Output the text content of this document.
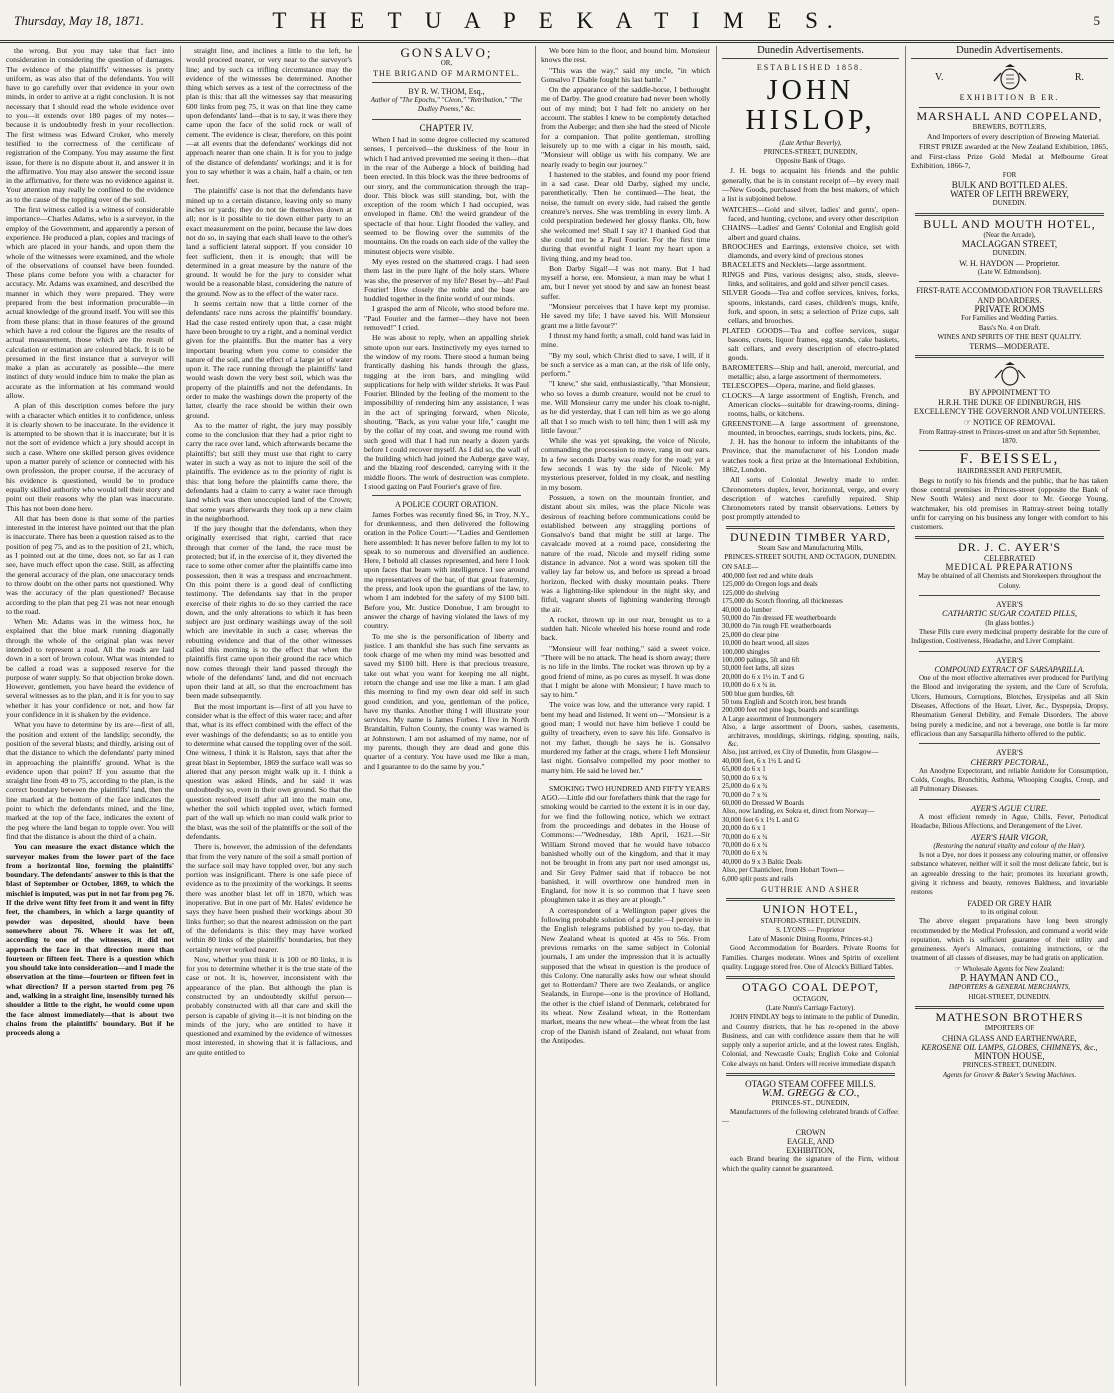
Thursday, May 18, 1871.	T H E T U A P E K A T I M E S.	5

the wrong. But you may take that fact into consideration in considering the question of damages. The evidence of the plaintiffs' witnesses is pretty uniform, as was also that of the defendants. You will have to go carefully over that evidence in your own minds, in order to arrive at a right conclusion. It is not necessary that I should read the whole evidence over to you—it extends over 180 pages of my notes—because it is undoubtedly fresh in your recollection. The first witness was Edward Croker, who merely testified to the correctness of the certificate of registration of the Company. You may assume the first issue, for there is no dispute about it, and answer it in the affirmative. You may also answer the second issue in the affirmative, for there was no evidence against it. Your attention may really be confined to the evidence as to the cause of the toppling over of the soil.

The first witness called is a witness of considerable importance—Charles Adams, who is a surveyor, in the employ of the Government, and apparently a person of experience. He produced a plan, copies and tracings of which are placed in your hands, and upon them the whole of the witnesses were examined, and the whole of the observations of counsel have been founded. These plans come before you with a character for accuracy. Mr. Adams was examined, and described the manner in which they were prepared. They were prepared from the best information procurable—in actual knowledge of the ground itself. You will see this from these plans: that in those features of the ground which have a red colour the figures are the results of actual measurement, those which are the result of calculation or estimation are coloured black. It is to be presumed in the first instance that a surveyor will make a plan as accurately as possible—the mere instinct of duty would induce him to make the plan as accurate as the information at his command would allow.

A plan of this description comes before the jury with a character which entitles it to confidence, unless it is clearly shown to be inaccurate. In the evidence it is attempted to be shown that it is inaccurate; but it is not the sort of evidence which a jury should accept in such a case. Where one skilled person gives evidence upon a matter purely of science or connected with his own profession, the proper course, if the accuracy of his evidence is questioned, would be to produce equally skilled authority who would tell their story and point out their reasons why the plan was inaccurate. This has not been done here.

All that has been done is that some of the parties interested in the interest have pointed out that the plan is inaccurate. There has been a question raised as to the position of peg 75, and as to the position of 21, which, as I pointed out at the time, does not, so far as I can see, have much effect upon the case. Still, as affecting the general accuracy of the plan, one unaccuracy tends to throw doubt on the other parts not questioned. Why was the accuracy of the plan questioned? Because according to the plan that peg 21 was not near enough to the road.

When Mr. Adams was in the witness box, he explained that the blue mark running diagonally through the whole of the original plan was never intended to represent a road. All the roads are laid down in a sort of brown colour. What was intended to be called a road was a supposed reserve for the purpose of water supply. So that objection broke down. However, gentlemen, you have heard the evidence of several witnesses as to the plan, and it is for you to say whether it has your confidence or not, and how far your confidence in it is shaken by the evidence.

What you have to determine by its are—first of all, the position and extent of the landslip; secondly, the position of the several blasts; and thirdly, arising out of that the distance to which the defendants' party mined in approaching the plaintiffs' ground. What is the evidence upon that point? If you assume that the straight line from 49 to 75, according to the plan, is the correct boundary between the plaintiffs' land, then the line marked at the bottom of the face indicates the point to which the defendants mined, and the line, marked at the top of the face, indicates the extent of the peg where the land began to topple over. You will find that the distance is about the third of a chain.

You can measure the exact distance which the surveyor makes from the lower part of the face from a horizontal line, forming the plaintiffs' boundary. The defendants' answer to this is that the blast of September or October, 1869, to which the mischief is imputed, was put in not far from peg 76. If the drive went fifty feet from it and went in fifty feet, the chambers, in which a large quantity of powder was deposited, should have been somewhere about 76. Where it was let off, according to one of the witnesses, it did not approach the face in that direction more than fourteen or fifteen feet. There is a question which you should take into consideration—and I made the observation at the time—fourteen or fifteen feet in what direction? If a person started from peg 76 and, walking in a straight line, insensibly turned his shoulder a little to the right, he would come upon the face almost immediately—that is about two chains from the plaintiffs' boundary. But if he proceeds along a

straight line, and inclines a little to the left, he would proceed nearer, or very near to the surveyor's line; and by such ca trifling circumstance may the evidence of the witnesses be determined. Another thing which serves as a test of the correctness of the plan is this: that all the witnesses say that measuring 600 links from peg 75, it was on that line they came upon defendants' land—that is to say, it was there they came upon the face of the solid rock or wall of cement. The evidence is clear, therefore, on this point—at all events that the defendants' workings did not approach nearer than one chain. It is for you to judge of the distance of defendants' workings; and it is for you to say whether it was a chain, half a chain, or ten feet.

The plaintiffs' case is not that the defendants have mined up to a certain distance, leaving only so many inches or yards; they do not tie themselves down at all; nor is it possible to tie down either party to an exact measurement on the point, because the law does not do so, in saying that each shall leave to the other's land a sufficient lateral support. If you consider 10 feet sufficient, then it is enough; that will be determined in a great measure by the nature of the ground. It would be for the jury to consider what would be a reasonable blast, considering the nature of the ground. Now as to the effect of the water race.

It seems certain now that a little corner of the defendants' race runs across the plaintiffs' boundary. Had the case rested entirely upon that, a case might have been brought to try a right, and a nominal verdict given for the plaintiffs. But the matter has a very important bearing when you come to consider the nature of the soil, and the effect of a large jet of water upon it. The race running through the plaintiffs' land would wash down the very best soil, which was the property of the plaintiffs and not the defendants. In order to make the washings down the property of the latter, clearly the race should be within their own ground.

As to the matter of right, the jury may possibly come to the conclusion that they had a prior right to carry the race over land, which afterwards became the plaintiffs'; but still they must use that right to carry water in such a way as not to injure the soil of the plaintiffs. The evidence as to the priority of right is this: that long before the plaintiffs came there, the defendants had a claim to carry a water race through land which was then unoccupied land of the Crown; that some years afterwards they took up a new claim in the neighborhood.

If the jury thought that the defendants, when they originally exercised that right, carried that race through that corner of the land, the race must be protected; but if, in the exercise of it, they diverted the race to some other corner after the plaintiffs came into possession, then it was a trespass and encroachment. On this point there is a good deal of conflicting testimony. The defendants say that in the proper exercise of their rights to do so they carried the race down, and the only alterations to which it has been subject are just ordinary washings away of the soil which are inevitable in such a case; whereas the rebutting evidence and that of the other witnesses called this morning is to the effect that when the plaintiffs first came upon their ground the race which now comes through their land passed through the whole of the defendants' land, and did not encroach upon their land at all, so that the encroachment has been made subsequently.

But the most important is—first of all you have to consider what is the effect of this water race; and after that, what is its effect combined with the effect of the ever washings of the defendants; so as to entitle you to determine what caused the toppling over of the soil. One witness, I think it is Ralston, says that after the great blast in September, 1869 the surface wall was so altered that any person might walk up it. I think a question was asked Hinds, and he said it was undoubtedly so, even in their own ground. So that the question resolved itself after all into the main one, whether the soil which toppled over, which formed part of the wall up which no man could walk prior to the blast, was the soil of the plaintiffs or the soil of the defendants.

There is, however, the admission of the defendants that from the very nature of the soil a small portion of the surface soil may have toppled over, but any such portion was insignificant. There is one safe piece of evidence as to the proximity of the workings. It seems there was another blast let off in 1870, which was inoperative. But in one part of Mr. Hales' evidence he says they have been pushed their workings about 30 links further; so that the nearest admission on the part of the defendants is this: they may have worked within 80 links of the plaintiffs' boundaries, but they certainly never worked nearer.

Now, whether you think it is 100 or 80 links, it is for you to determine whether it is the true state of the case or not. It is, however, inconsistent with the appearance of the plan. But although the plan is constructed by an undoubtedly skilful person—probably constructed with all that care and skill the person is capable of giving it—it is not binding on the minds of the jury, who are entitled to have it questioned and examined by the evidence of witnesses most interested, in showing that it is fallacious, and are quite entitled to

GONSALVO;
OR,
THE BRIGAND OF MARMONTEL.
BY R. W. THOM, Esq.,
Author of "The Epochs," "Cleon," "Retribution," "The Dudley Poems," &c.
CHAPTER IV.

When I had in some degree collected my scattered senses, I perceived—the duskiness of the hour in which I had arrived prevented me seeing it then—that in the rear of the Auberge a block of building had been erected. In this block was the three bedrooms of our story, and the communication through the trap-door. This block was still standing, but, with the exception of the room which I had occupied, was enveloped in flame. Oh! the weird grandeur of the spectacle of that hour. Light flooded the valley, and seemed to be flowing over the summits of the mountains. On the roads on each side of the valley the minutest objects were visible.

My eyes rested on the shattered crags. I had seen them last in the pure light of the holy stars. Where was she, the preserver of my life? Beset by—ah! Paul Fourier! How closely the noble and the base are huddled together in the finite world of our minds.

I grasped the arm of Nicole, who stood before me. "Paul Fourier and the farmer—they have not been removed!" I cried.

He was about to reply, when an appalling shriek smote upon our ears. Instinctively my eyes turned to the window of my room. There stood a human being frantically dashing his hands through the glass, tugging at the iron bars, and mingling wild supplications for help with wilder shrieks. It was Paul Fourier. Blinded by the feeling of the moment to the impossibility of rendering him any assistance, I was in the act of springing forward, when Nicole, shouting, "Back, as you value your life," caught me by the collar of my coat, and swung me round with such good will that I had run nearly a dozen yards before I could recover myself. As I did so, the wall of the building which had joined the Auberge gave way, and the blazing roof descended, carrying with it the middle floors. The work of destruction was complete. I stood gazing on Paul Fourier's grave of fire.

A POLICE COURT ORATION.

James Forbes was recently fined $6, in Troy, N.Y., for drunkenness, and then delivered the following oration in the Police Court:—"Ladies and Gentlemen here assembled: It has never before fallen to my lot to speak to so numerous and diversified an audience. Here, I behold all classes represented, and here I look upon faces that beam with intelligence. I see around me representatives of the bar, of that great fraternity, the press, and look upon the guardians of the law, to whom I am indebted for the safety of my $100 bill. Before you, Mr. Justice Donohue, I am brought to answer the charge of having violated the laws of my country.

To me she is the personification of liberty and justice. I am thankful she has such fine servants as took charge of me when my mind was besotted and saved my $100 bill. Here is that precious treasure, take out what you want for keeping me all night, return the change and use me like a man. I am glad this morning to find my own dear old self in such good condition, and you, gentleman of the police, have my thanks. Another thing I will illustrate your services. My name is James Forbes. I live in North Brandaltin, Fulton County, the county was warned is at Johnstown. I am not ashamed of my name, nor of my parents, though they are dead and gone this quarter of a century. You have used me like a man, and I guarantee to do the same by you."

We bore him to the floor, and bound him. Monsieur knows the rest.

"This was the way," said my uncle, "in which Gonsalvo l' Diable fought his last battle."

On the appearance of the saddle-horse, I bethought me of Darby. The good creature had never been wholly out of my mind; but I had felt no anxiety on her account. The stables I knew to be completely detached from the Auberge; and then she had the steed of Nicole for a companion. That polite gentleman, strolling leisurely up to me with a cigar in his mouth, said, "Monsieur will oblige us with his company. We are nearly ready to begin our journey."

I hastened to the stables, and found my poor friend in a sad case. Dear old Darby, sighed my uncle, parenthetically. Then he continued—The heat, the noise, the tumult on every side, had raised the gentle creature's nerves. She was trembling in every limb. A cold perspiration bedewed her glossy flanks. Oh, how she welcomed me! Shall I say it? I thanked God that she could not be a Paul Fourier. For the first time during that eventful night I leant my heart upon a living thing, and my head too.

Bon Darby Sigal!—I was not many. But I had myself a horse, ere. Monsieur, a man may be what I am, but I never yet stood by and saw an honest beast suffer.

"Monsieur perceives that I have kept my promise. He saved my life; I have saved his. Will Monsieur grant me a little favour?"

I thrust my hand forth; a small, cold hand was laid in mine.

"By my soul, which Christ died to save, I will, if it be such a service as a man can, at the risk of life only, perform."

"I knew," she said, enthusiastically, "that Monsieur, who so loves a dumb creature, would not be cruel to me. Will Monsieur carry me under his cloak to-night, as he did yesterday, that I can tell him as we go along all that I so much wish to tell him; then I will ask my little favour."

While she was yet speaking, the voice of Nicole, commanding the procession to move, rang in our ears. In a few seconds Darby was ready for the road; yet a few seconds I was by the side of Nicole. My mysterious preserver, folded in my cloak, and nestling in my bosom.

Possuen, a town on the mountain frontier, and distant about six miles, was the place Nicole was desirous of reaching before communications could be established between any straggling portions of Gonsalvo's band that might be still at large. The cavalcade moved at a round pace, considering the nature of the road, Nicole and myself riding some distance in advance. Not a word was spoken till the valley lay far below us, and before us spread a broad horizon, flecked with dusky mountain peaks. There was a lightning-like splendour in the night sky, and fitful, vagrant sheets of lightning wandering through the air.

A rocket, thrown up in our rear, brought us to a sudden halt. Nicole wheeled his horse round and rode back.

"Monsieur will fear nothing," said a sweet voice. "There will be no attack. The head is shorn away; there is no life in the limbs. The rocket was thrown up by a good friend of mine, as po cures as myself. It was done that I might be alone with Monsieur; I have much to say to him."

The voice was low, and the utterance very rapid. I bent my head and listened. It went on—"Monsieur is a good man; I would not have him believe I could be guilty of treachery, even to save his life. Gonsalvo is not my father, though he says he is. Gonsalvo murdered my father at the crags, where I left Monsieur last night. Gonsalvo compelled my poor mother to marry him. He said he loved her."

SMOKING TWO HUNDRED AND FIFTY YEARS AGO.—Little did our forefathers think that the rage for smoking would be carried to the extent it is in our day, for we find the following notice, which we extract from the proceedings and debates in the House of Commons:—"Wednesday, 18th April, 1621.—Sir William Strond moved that he would have tobacco banished wholly out of the kingdom, and that it may not be brought in from any part nor used amongst us, and Sir Grey Palmer said that if tobacco be not banished, it will overthrow one hundred men in England, for now it is so common that I have seen ploughmen take it as they are at plough."

A correspondent of a Wellington paper gives the following probable solution of a puzzle:—I perceive in the English telegrams published by you to-day, that New Zealand wheat is quoted at 45s to 56s. From previous remarks on the same subject in Colonial journals, I am under the impression that it is actually supposed that the wheat in question is the produce of this Colony. One naturally asks how our wheat should get to Rotterdam? There are two Zealands, or anglice Sealands, in Europe—one is the province of Holland, the other is the chief island of Denmark, celebrated for its wheat. New Zealand wheat, in the Rotterdam market, means the new wheat—the wheat from the last crop of the Danish island of Zealand, not wheat from the Antipodes.

Dunedin Advertisements.
ESTABLISHED 1858.
JOHN HISLOP,
(Late Arthur Beverly),
PRINCES-STREET, DUNEDIN,
Opposite Bank of Otago.

J. H. begs to acquaint his friends and the public generally, that he is in constant receipt of—by every mail—New Goods, purchased from the best makers, of which a list is subjoined below.

WATCHES—Gold and silver, ladies' and gents', open-faced, and hunting, cyclone, and every other description
CHAINS—Ladies' and Gents' Colonial and English gold albert and guard chains.
BROOCHES and Earrings, extensive choice, set with diamonds, and every kind of precious stones
BRACELETS and Necklets—large assortment.
RINGS and Pins, various designs; also, studs, sleeve-links, and solitaires, and gold and silver pencil cases.
SILVER Goods—Tea and coffee services, knives, forks, spoons, inkstands, card cases, children's mugs, knife, fork, and spoon, in sets; a selection of Prize cups, salt cellars, and brooches.
PLATED GOODS—Tea and coffee services, sugar basons, cruets, liquor frames, egg stands, cake baskets, salt cellars, and every description of electro-plated goods.
BAROMETERS—Ship and hall, aneroid, mercurial, and metallic; also, a large assortment of thermometers.
TELESCOPES—Opera, marine, and field glasses.
CLOCKS—A large assortment of English, French, and American clocks—suitable for drawing-rooms, dining-rooms, halls, or kitchens.
GREENSTONE—A large assortment of greenstone, mounted, in brooches, earrings, studs lockets, pins, &c.

J. H. has the honour to inform the inhabitants of the Province, that the manufacturer of his London made watches took a first prize at the International Exhibition, 1862, London.

All sorts of Colonial Jewelry made to order. Chronometers duplex, lever, horizontal, verge, and every description of watches carefully repaired. Ship Chronometers rated by transit observations. Letters by post promptly attended to

DUNEDIN TIMBER YARD,
Steam Saw and Manufacturing Mills,
PRINCES-STREET SOUTH, AND OCTAGON, DUNEDIN.
ON SALE—
400,000 feet red and white deals
125,000 do Oregon logs and deals
125,000 do shelving
175,000 do Scotch flooring, all thicknesses
40,000 do lumber
50,000 do 7in dressed FE weatherboards
30,000 do 7in rough FE weatherboards
25,000 do clear pine
10,000 do heart wood, all sizes
100,000 shingles
100,000 palings, 5ft and 6ft
50,000 feet laths, all sizes
20,000 do 6 x 1½ in. T and G
10,000 do 6 x ¾ in.
500 blue gum hurdles, 6ft
50 tons English and Scotch iron, best brands
200,000 feet red pine logs, boards and scantlings
A Large assortment of Ironmongery
Also, a large assortment of Doors, sashes, casements, architraves, mouldings, skirtings, ridging, spouting, nails, &c.
Also, just arrived, ex City of Dunedin, from Glasgow—
40,000 feet, 6 x 1½ L and G
65,000 do 6 x 1
50,000 do 6 x ¾
25,000 do 6 x ¾
70,000 do 7 x ¾
60,000 do Dressed W Boards
Also, now landing, ex Sokra et, direct from Norway—
30,000 feet 6 x 1½ L and G
20,000 do 6 x 1
70,000 do 6 x ¾
70,000 do 6 x ¾
70,000 do 6 x ¾
40,000 do 9 x 3 Baltic Deals
Also, per Chanticleer, from Hobart Town—
6,000 split posts and rails
GUTHRIE AND ASHER
UNION HOTEL,
STAFFORD-STREET, DUNEDIN.
S. LYONS — Proprietor
Late of Masonic Dining Rooms, Princes-st.)

Good Accommodation for Boarders. Private Rooms for Families. Charges moderate. Wines and Spirits of excellent quality. Luggage stored free. One of Alcock's Billiard Tables.

OTAGO COAL DEPOT,
OCTAGON,
(Late Nunn's Carriage Factory).

JOHN FINDLAY begs to intimate to the public of Dunedin, and Country districts, that he has re-opened in the above Business, and can with confidence assure them that he will supply only a superior article, and at the lowest rates. English, Colonial, and Newcastle Coals; English Coke and Colonial Coke always on hand. Orders will receive immediate dispatch

OTAGO STEAM COFFEE MILLS.
W.M. GREGG & CO.,
PRINCES-ST., DUNEDIN,

Manufacturers of the following celebrated brands of Coffee:—

CROWN
EAGLE, AND
EXHIBITION,

each Brand bearing the signature of the Firm, without which the quality cannot be guaranteed.

Dunedin Advertisements.
V.	R.
EXHIBITION B ER.
MARSHALL AND COPELAND,
BREWERS, BOTTLERS,

And Importers of every description of Brewing Material.

FIRST PRIZE awarded at the New Zealand Exhibition, 1865, and First-class Prize Gold Medal at Melbourne Great Exhibition, 1866-7,

FOR
BULK AND BOTTLED ALES.
WATER OF LEITH BREWERY,
DUNEDIN.
BULL AND MOUTH HOTEL,
(Near the Arcade),
MACLAGGAN STREET,
DUNEDIN.
W. H. HAYDON — Proprietor.
(Late W. Edmondson).
FIRST-RATE ACCOMMODATION FOR TRAVELLERS AND BOARDERS.
PRIVATE ROOMS
For Families and Wedding Parties.
Bass's No. 4 on Draft.
WINES AND SPIRITS OF THE BEST QUALITY.
TERMS—MODERATE.
BY APPOINTMENT TO
H.R.H. THE DUKE OF EDINBURGH, HIS EXCELLENCY THE GOVERNOR AND VOLUNTEERS.
☞ NOTICE OF REMOVAL
From Rattray-street to Princes-street on and after 5th September, 1870.
F. BEISSEL,
HAIRDRESSER AND PERFUMER,

Begs to notify to his friends and the public, that he has taken those central premises in Princes-street (opposite the Bank of New South Wales) and next door to Mr. George Young, watchmaker, his old premises in Rattray-street being totally unfit for carrying on his business any longer with comfort to his customers.

DR. J. C. AYER'S
CELEBRATED
MEDICAL PREPARATIONS
May be obtained of all Chemists and Storekeepers throughout the Colony.
AYER'S
CATHARTIC SUGAR COATED PILLS,
(In glass bottles.)

These Pills cure every medicinal property desirable for the cure of Indigestion, Costiveness, Headache, and Liver Complaint.

AYER'S
COMPOUND EXTRACT OF SARSAPARILLA.

One of the most effective alternatives ever produced for Purifying the Blood and invigorating the system, and the Cure of Scrofula, Ulcers, Humours, Corruptions, Blotches, Erysipelas and all Skin Diseases, Affections of the Heart, Liver, &c., Dyspepsia, Dropsy, Rheumatism General Debility, and Female Disorders. The above being purely a medicine, and not a beverage, one bottle is far more efficacious than any Sarsaparilla hitherto offered to the public.

AYER'S
CHERRY PECTORAL,

An Anodyne Expectorant, and reliable Antidote for Consumption, Colds, Coughs, Bronchitis, Asthma, Whooping Coughs, Croup, and all Pulmonary Diseases.

AYER'S AGUE CURE.

A most efficient remedy in Ague, Chills, Fever, Periodical Headache, Bilious Affections, and Derangement of the Liver.

AYER'S HAIR VIGOR,
(Restoring the natural vitality and colour of the Hair).

Is not a Dye, nor does it possess any colouring matter, or offensive substance whatever, neither will it soil the most delicate fabric, but is an agreeable dressing to the hair; promotes its luxuriant growth, giving it richness and beauty, removes Baldness, and invariable restores

FADED OR GREY HAIR
to its original colour.

The above elegant preparations have long been strongly recommended by the Medical Profession, and command a world wide reputation, which is sufficient guarantee of their utility and genuineness. Ayer's Almanacs, containing instructions, or the treatment of all classes of diseases, may be had gratis on application.

☞ Wholesale Agents for New Zealand:
P. HAYMAN AND CO.,
IMPORTERS & GENERAL MERCHANTS,
HIGH-STREET, DUNEDIN.
MATHESON BROTHERS
IMPORTERS OF
CHINA GLASS AND EARTHENWARE,
KEROSENE OIL LAMPS, GLOBES, CHIMNEYS, &c.,
MINTON HOUSE,
PRINCES-STREET, DUNEDIN.
Agents for Grover & Baker's Sewing Machines.
